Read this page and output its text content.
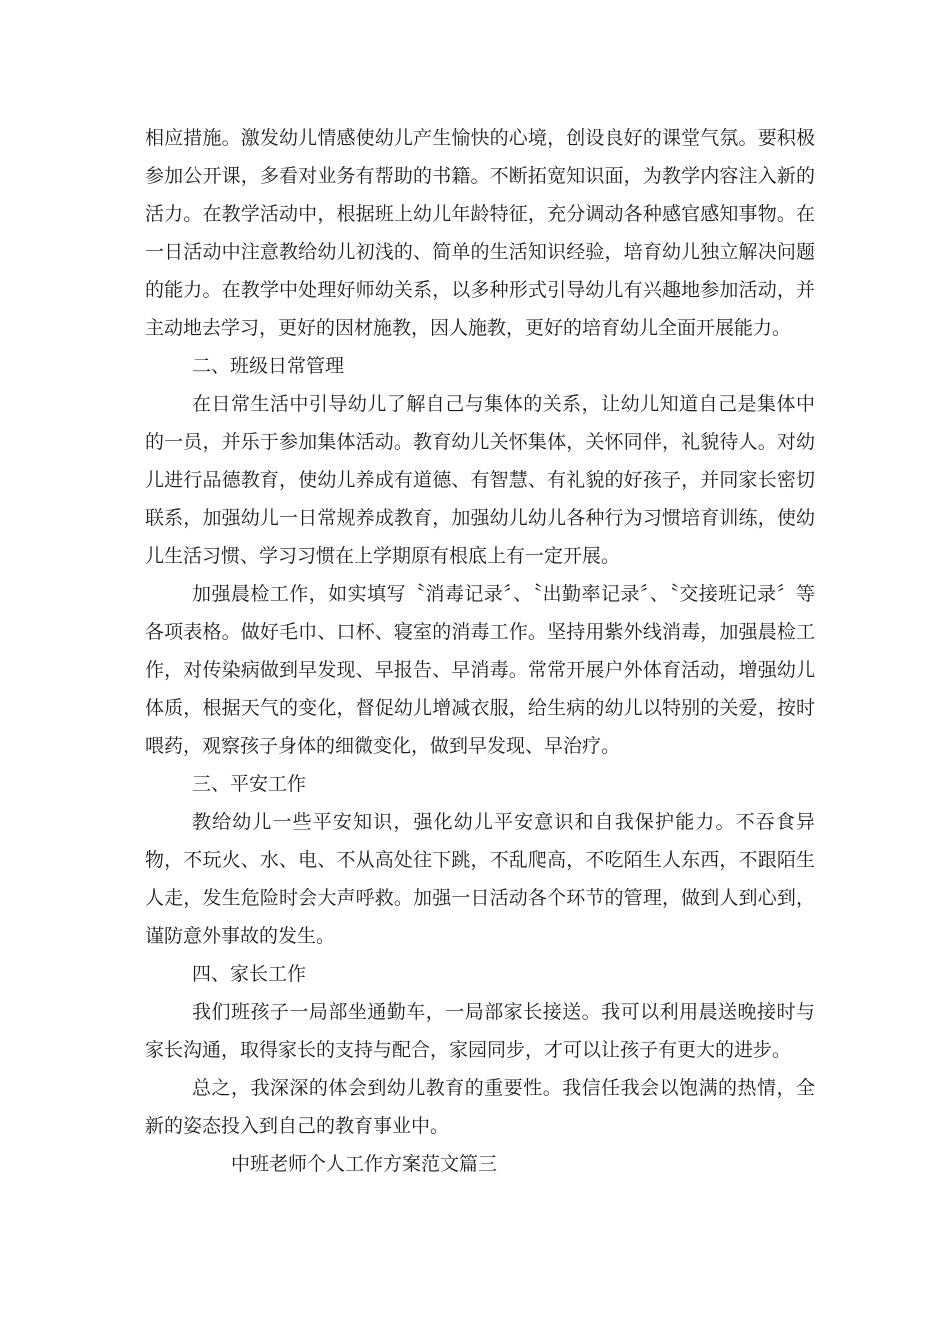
相应措施。激发幼儿情感使幼儿产生愉快的心境，创设良好的课堂气氛。要积极参加公开课，多看对业务有帮助的书籍。不断拓宽知识面，为教学内容注入新的活力。在教学活动中，根据班上幼儿年龄特征，充分调动各种感官感知事物。在一日活动中注意教给幼儿初浅的、简单的生活知识经验，培育幼儿独立解决问题的能力。在教学中处理好师幼关系，以多种形式引导幼儿有兴趣地参加活动，并主动地去学习，更好的因材施教，因人施教，更好的培育幼儿全面开展能力。

二、班级日常管理

在日常生活中引导幼儿了解自己与集体的关系，让幼儿知道自己是集体中的一员，并乐于参加集体活动。教育幼儿关怀集体，关怀同伴，礼貌待人。对幼儿进行品德教育，使幼儿养成有道德、有智慧、有礼貌的好孩子，并同家长密切联系，加强幼儿一日常规养成教育，加强幼儿幼儿各种行为习惯培育训练，使幼儿生活习惯、学习习惯在上学期原有根底上有一定开展。

加强晨检工作，如实填写〝消毒记录〞、〝出勤率记录〞、〝交接班记录〞等各项表格。做好毛巾、口杯、寝室的消毒工作。坚持用紫外线消毒，加强晨检工作，对传染病做到早发现、早报告、早消毒。常常开展户外体育活动，增强幼儿体质，根据天气的变化，督促幼儿增减衣服，给生病的幼儿以特别的关爱，按时喂药，观察孩子身体的细微变化，做到早发现、早治疗。

三、平安工作

教给幼儿一些平安知识，强化幼儿平安意识和自我保护能力。不吞食异物，不玩火、水、电、不从高处往下跳，不乱爬高，不吃陌生人东西，不跟陌生人走，发生危险时会大声呼救。加强一日活动各个环节的管理，做到人到心到，谨防意外事故的发生。

四、家长工作

我们班孩子一局部坐通勤车，一局部家长接送。我可以利用晨送晚接时与家长沟通，取得家长的支持与配合，家园同步，才可以让孩子有更大的进步。

总之，我深深的体会到幼儿教育的重要性。我信任我会以饱满的热情，全新的姿态投入到自己的教育事业中。

中班老师个人工作方案范文篇三
